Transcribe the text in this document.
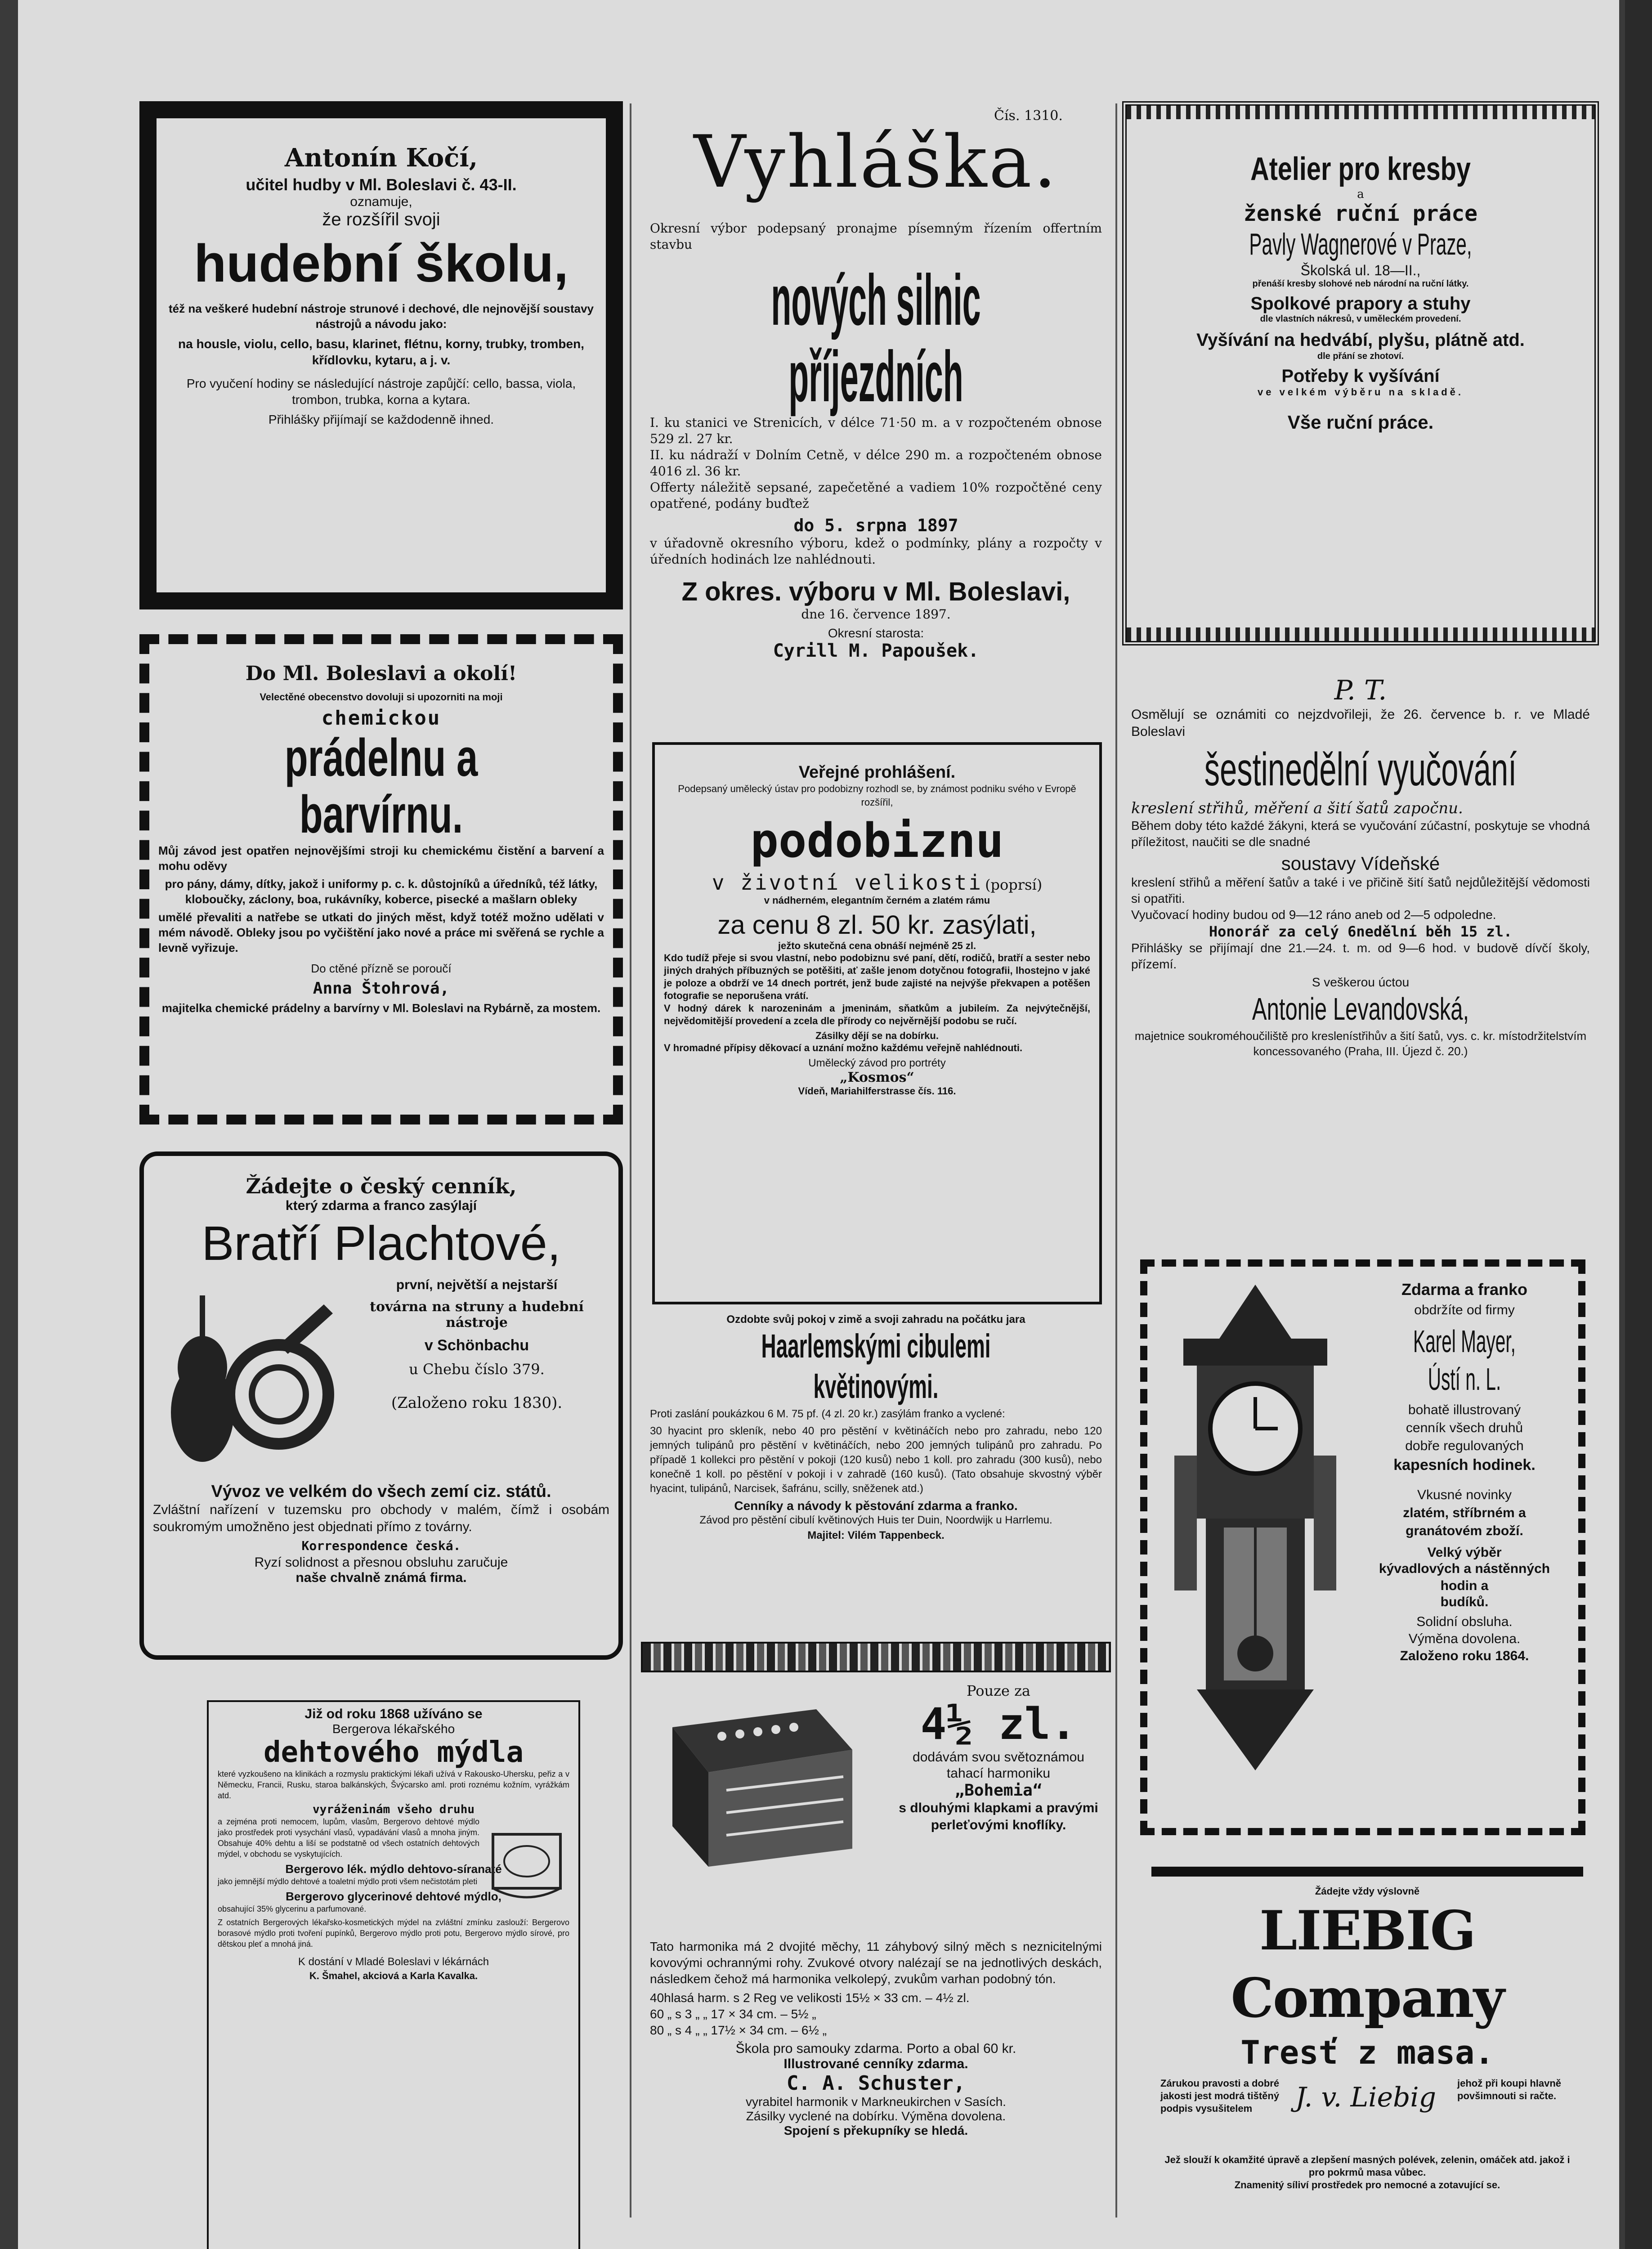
Antonín Kočí,
učitel hudby v Ml. Boleslavi č. 43-II.
oznamuje,
že rozšířil svoji
hudební školu,
též na veškeré hudební nástroje strunové i dechové, dle nejnovější soustavy nástrojů a návodu jako:
na housle, violu, cello, basu, klarinet, flétnu, korny, trubky, tromben, křídlovku, kytaru, a j. v.
Pro vyučení hodiny se následující nástroje zapůjčí: cello, bassa, viola, trombon, trubka, korna a kytara.
Přihlášky přijímají se každodenně ihned.
Do Ml. Boleslavi a okolí!
Velectěné obecenstvo dovoluji si upozorniti na moji
chemickou
prádelnu a barvírnu.
Můj závod jest opatřen nejnovějšími stroji ku chemickému čistění a barvení a mohu oděvy
pro pány, dámy, dítky, jakož i uniformy p. c. k. důstojníků a úředníků, též látky, kloboučky, záclony, boa, rukávníky, koberce, pisecké a mašlarn obleky
umělé převaliti a natřebe se utkati do jiných měst, když totéž možno udělati v mém návodě. Obleky jsou po vyčištění jako nové a práce mi svěřená se rychle a levně vyřizuje.
Do ctěné přízně se poroučí
Anna Štohrová,
majitelka chemické prádelny a barvírny v Ml. Boleslavi na Rybárně, za mostem.
Žádejte o český cenník,
který zdarma a franco zasýlají
Bratří Plachtové,
první, největší a nejstarší
továrna na struny a hudební nástroje
v Schönbachu
u Chebu číslo 379.
(Založeno roku 1830).
Vývoz ve velkém do všech zemí ciz. států.
Zvláštní nařízení v tuzemsku pro obchody v malém, čímž i osobám soukromým umožněno jest objednati přímo z továrny.
Korrespondence česká.
Ryzí solidnost a přesnou obsluhu zaručuje
naše chvalně známá firma.
Již od roku 1868 užíváno se
Bergerova lékařského
dehtového mýdla
které vyzkoušeno na klinikách a rozmyslu praktickými lékaři užívá v Rakousko-Uhersku, peřiz a v Německu, Francii, Rusku, staroa balkánských, Švýcarsko aml. proti roznému kožním, vyrážkám atd.
vyráženinám všeho druhu
a zejména proti nemocem, lupům, vlasům, Bergerovo dehtové mýdlo jako prostředek proti vysychání vlasů, vypadávání vlasů a mnoha jiným. Obsahuje 40% dehtu a liší se podstatně od všech ostatních dehtových mýdel, v obchodu se vyskytujících.
Bergerovo lék. mýdlo dehtovo-síranaté
jako jemnější mýdlo dehtové a toaletní mýdlo proti všem nečistotám pleti
Bergerovo glycerinové dehtové mýdlo,
obsahující 35% glycerinu a parfumované.
Z ostatních Bergerových lékařsko-kosmetických mýdel na zvláštní zmínku zaslouží: Bergerovo borasové mýdlo proti tvoření pupínků, Bergerovo mýdlo proti potu, Bergerovo mýdlo sírové, pro dětskou pleť a mnohá jiná.
K dostání v Mladé Boleslavi v lékárnách
K. Šmahel, akciová a Karla Kavalka.
Čís. 1310.
Vyhláška.
Okresní výbor podepsaný pronajme písemným řízením offertním stavbu
nových silnic příjezdních
I. ku stanici ve Strenicích, v délce 71·50 m. a v rozpočteném obnose 529 zl. 27 kr.
II. ku nádraží v Dolním Cetně, v délce 290 m. a rozpočteném obnose 4016 zl. 36 kr.
Offerty náležitě sepsané, zapečetěné a vadiem 10% rozpočtěné ceny opatřené, podány buďtež
do 5. srpna 1897
v úřadovně okresního výboru, kdež o podmínky, plány a rozpočty v úředních hodinách lze nahlédnouti.
Z okres. výboru v Ml. Boleslavi,
dne 16. července 1897.
Okresní starosta:
Cyrill M. Papoušek.
Veřejné prohlášení.
Podepsaný umělecký ústav pro podobizny rozhodl se, by známost podniku svého v Evropě rozšířil,
podobiznu
v životní velikosti (poprsí)
v nádherném, elegantním černém a zlatém rámu
za cenu 8 zl. 50 kr. zasýlati,
ježto skutečná cena obnáší nejméně 25 zl.
Kdo tudíž přeje si svou vlastní, nebo podobiznu své paní, dětí, rodičů, bratří a sester nebo jiných drahých příbuzných se potěšiti, ať zašle jenom dotyčnou fotografii, lhostejno v jaké je poloze a obdrží ve 14 dnech portrét, jenž bude zajisté na nejvýše překvapen a potěšen fotografie se neporušena vrátí.
V hodný dárek k narozeninám a jmeninám, sňatkům a jubileím. Za nejvýtečnější, nejvědomitější provedení a zcela dle přírody co nejvěrnější podobu se ručí.
Zásilky dějí se na dobírku.
V hromadné přípisy děkovací a uznání možno každému veřejně nahlédnouti.
Umělecký závod pro portréty
„Kosmos“
Vídeň, Mariahilferstrasse čís. 116.
Ozdobte svůj pokoj v zimě a svoji zahradu na počátku jara
Haarlemskými cibulemi květinovými.
Proti zaslání poukázkou 6 M. 75 pf. (4 zl. 20 kr.) zasýlám franko a vyclené:
30 hyacint pro skleník, nebo 40 pro pěstění v květináčích nebo pro zahradu, nebo 120 jemných tulipánů pro pěstění v květináčích, nebo 200 jemných tulipánů pro zahradu. Po případě 1 kollekci pro pěstění v pokoji (120 kusů) nebo 1 koll. pro zahradu (300 kusů), nebo konečně 1 koll. po pěstění v pokoji i v zahradě (160 kusů). (Tato obsahuje skvostný výběr hyacint, tulipánů, Narcisek, šafránu, scilly, sněženek atd.)
Cenníky a návody k pěstování zdarma a franko.
Závod pro pěstění cibulí květinových Huis ter Duin, Noordwijk u Harrlemu.
Majitel: Vilém Tappenbeck.
Pouze za
4½ zl.
dodávám svou světoznámou
tahací harmoniku
„Bohemia“
s dlouhými klapkami a pravými perleťovými knoflíky.
Tato harmonika má 2 dvojité měchy, 11 záhybový silný měch s neznicitelnými kovovými ochrannými rohy. Zvukové otvory nalézají se na jednotlivých deskách, následkem čehož má harmonika velkolepý, zvukům varhan podobný tón.
40hlasá harm. s 2 Reg ve velikosti 15½ × 33 cm. – 4½ zl.
60 „ s 3 „ „ 17 × 34 cm. – 5½ „
80 „ s 4 „ „ 17½ × 34 cm. – 6½ „
Škola pro samouky zdarma. Porto a obal 60 kr.
Illustrované cenníky zdarma.
C. A. Schuster,
vyrabitel harmonik v Markneukirchen v Sasích.
Zásilky vyclené na dobírku. Výměna dovolena.
Spojení s překupníky se hledá.
Atelier pro kresby
a
ženské ruční práce
Pavly Wagnerové v Praze,
Školská ul. 18—II.,
přenáší kresby slohové neb národní na ruční látky.
Spolkové prapory a stuhy
dle vlastních nákresů, v uměleckém provedení.
Vyšívání na hedvábí, plyšu, plátně atd.
dle přání se zhotoví.
Potřeby k vyšívání
ve velkém výběru na skladě.
Vše ruční práce.
P. T.
Osmělují se oznámiti co nejzdvořileji, že 26. července b. r. ve Mladé Boleslavi
šestinedělní vyučování
kreslení střihů, měření a šití šatů započnu.
Během doby této každé žákyni, která se vyučování zúčastní, poskytuje se vhodná příležitost, naučiti se dle snadné
soustavy Vídeňské
kreslení střihů a měření šatův a také i ve přičině šití šatů nejdůležitější vědomosti si opatřiti.
Vyučovací hodiny budou od 9—12 ráno aneb od 2—5 odpoledne.
Honorář za celý 6nedělní běh 15 zl.
Přihlášky se přijímají dne 21.—24. t. m. od 9—6 hod. v budově dívčí školy, přízemí.
S veškerou úctou
Antonie Levandovská,
majetnice soukroméhoučiliště pro kreslenístřihův a šití šatů, vys. c. kr. místodržitelstvím koncessovaného (Praha, III. Újezd č. 20.)
Zdarma a franko
obdržíte od firmy
Karel Mayer, Ústí n. L.
bohatě illustrovaný
cenník všech druhů
dobře regulovaných
kapesních hodinek.
Vkusné novinky
zlatém, stříbrném a
granátovém zboží.
Velký výběr
kývadlových a nástěnných hodin a
budíků.
Solidní obsluha.
Výměna dovolena.
Založeno roku 1864.
Žádejte vždy výslovně
LIEBIG Company
Tresť z masa.
Zárukou pravosti a dobré jakosti jest modrá tištěný podpis vysušitelem	J. v. Liebig	jehož při koupi hlavně povšimnouti si račte.
Jež slouží k okamžité úpravě a zlepšení masných polévek, zelenin, omáček atd. jakož i pro pokrmů masa vůbec.
Znamenitý síliví prostředek pro nemocné a zotavující se.
